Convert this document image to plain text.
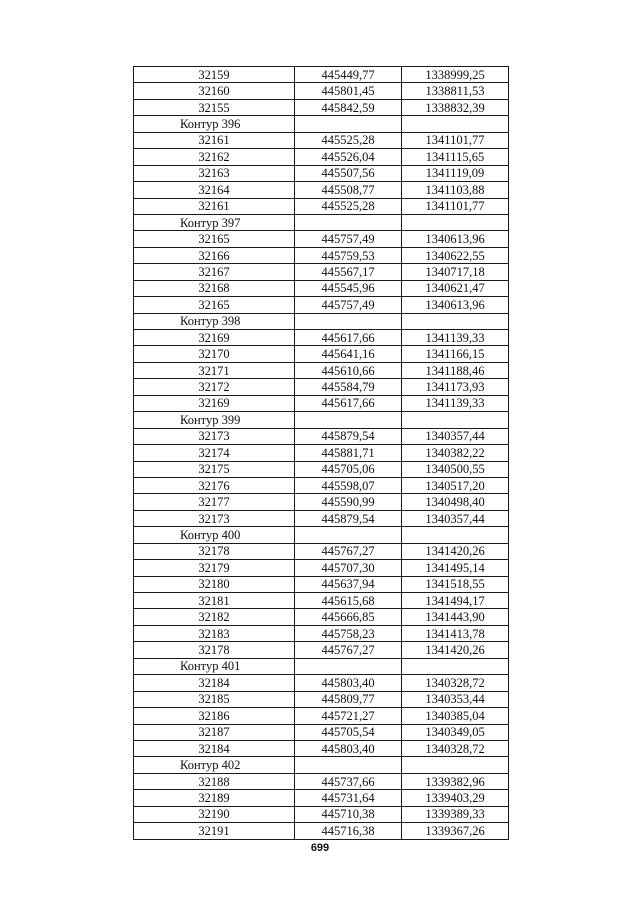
32159	445449,77	1338999,25
32160	445801,45	1338811,53
32155	445842,59	1338832,39
Контур 396		
32161	445525,28	1341101,77
32162	445526,04	1341115,65
32163	445507,56	1341119,09
32164	445508,77	1341103,88
32161	445525,28	1341101,77
Контур 397		
32165	445757,49	1340613,96
32166	445759,53	1340622,55
32167	445567,17	1340717,18
32168	445545,96	1340621,47
32165	445757,49	1340613,96
Контур 398		
32169	445617,66	1341139,33
32170	445641,16	1341166,15
32171	445610,66	1341188,46
32172	445584,79	1341173,93
32169	445617,66	1341139,33
Контур 399		
32173	445879,54	1340357,44
32174	445881,71	1340382,22
32175	445705,06	1340500,55
32176	445598,07	1340517,20
32177	445590,99	1340498,40
32173	445879,54	1340357,44
Контур 400		
32178	445767,27	1341420,26
32179	445707,30	1341495,14
32180	445637,94	1341518,55
32181	445615,68	1341494,17
32182	445666,85	1341443,90
32183	445758,23	1341413,78
32178	445767,27	1341420,26
Контур 401		
32184	445803,40	1340328,72
32185	445809,77	1340353,44
32186	445721,27	1340385,04
32187	445705,54	1340349,05
32184	445803,40	1340328,72
Контур 402		
32188	445737,66	1339382,96
32189	445731,64	1339403,29
32190	445710,38	1339389,33
32191	445716,38	1339367,26
699
